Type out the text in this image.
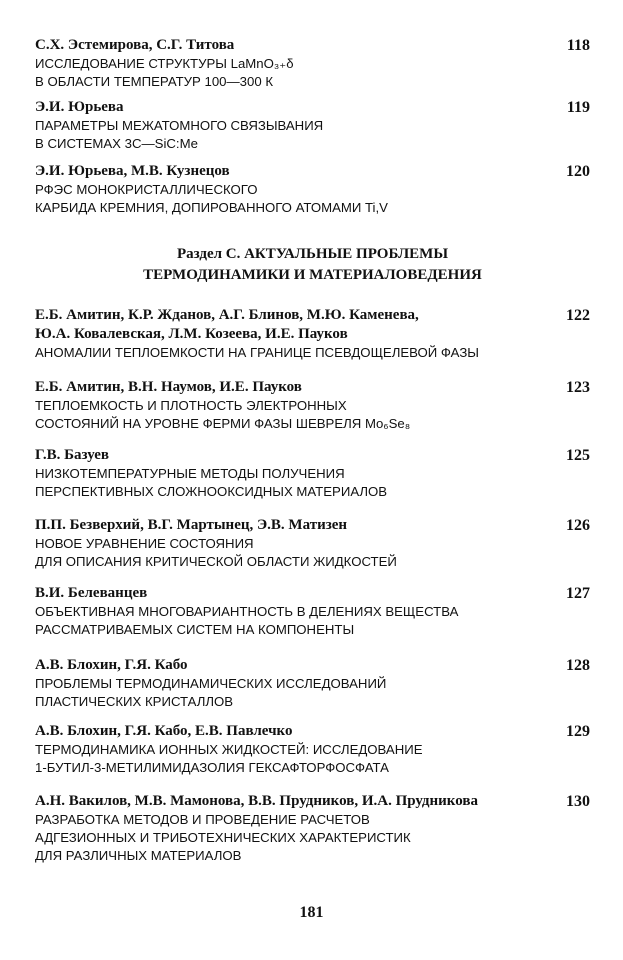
С.Х. Эстемирова, С.Г. Титова
ИССЛЕДОВАНИЕ СТРУКТУРЫ LaMnO₃₊δ
В ОБЛАСТИ ТЕМПЕРАТУР 100—300 К
118
Э.И. Юрьева
ПАРАМЕТРЫ МЕЖАТОМНОГО СВЯЗЫВАНИЯ
В СИСТЕМАХ 3C—SiC:Me
119
Э.И. Юрьева, М.В. Кузнецов
РФЭС МОНОКРИСТАЛЛИЧЕСКОГО
КАРБИДА КРЕМНИЯ, ДОПИРОВАННОГО АТОМАМИ Ti,V
120
Раздел С. АКТУАЛЬНЫЕ ПРОБЛЕМЫ
ТЕРМОДИНАМИКИ И МАТЕРИАЛОВЕДЕНИЯ
Е.Б. Амитин, К.Р. Жданов, А.Г. Блинов, М.Ю. Каменева,
Ю.А. Ковалевская, Л.М. Козеева, И.Е. Пауков
АНОМАЛИИ ТЕПЛОЕМКОСТИ НА ГРАНИЦЕ ПСЕВДОЩЕЛЕВОЙ ФАЗЫ
122
Е.Б. Амитин, В.Н. Наумов, И.Е. Пауков
ТЕПЛОЕМКОСТЬ И ПЛОТНОСТЬ ЭЛЕКТРОННЫХ
СОСТОЯНИЙ НА УРОВНЕ ФЕРМИ ФАЗЫ ШЕВРЕЛЯ Mo₆Se₈
123
Г.В. Базуев
НИЗКОТЕМПЕРАТУРНЫЕ МЕТОДЫ ПОЛУЧЕНИЯ
ПЕРСПЕКТИВНЫХ СЛОЖНООКСИДНЫХ МАТЕРИАЛОВ
125
П.П. Безверхий, В.Г. Мартынец, Э.В. Матизен
НОВОЕ УРАВНЕНИЕ СОСТОЯНИЯ
ДЛЯ ОПИСАНИЯ КРИТИЧЕСКОЙ ОБЛАСТИ ЖИДКОСТЕЙ
126
В.И. Белеванцев
ОБЪЕКТИВНАЯ МНОГОВАРИАНТНОСТЬ В ДЕЛЕНИЯХ ВЕЩЕСТВА
РАССМАТРИВАЕМЫХ СИСТЕМ НА КОМПОНЕНТЫ
127
А.В. Блохин, Г.Я. Кабо
ПРОБЛЕМЫ ТЕРМОДИНАМИЧЕСКИХ ИССЛЕДОВАНИЙ
ПЛАСТИЧЕСКИХ КРИСТАЛЛОВ
128
А.В. Блохин, Г.Я. Кабо, Е.В. Павлечко
ТЕРМОДИНАМИКА ИОННЫХ ЖИДКОСТЕЙ: ИССЛЕДОВАНИЕ
1-БУТИЛ-3-МЕТИЛИМИДАЗОЛИЯ ГЕКСАФТОРФОСФАТА
129
А.Н. Вакилов, М.В. Мамонова, В.В. Прудников, И.А. Прудникова
РАЗРАБОТКА МЕТОДОВ И ПРОВЕДЕНИЕ РАСЧЕТОВ
АДГЕЗИОННЫХ И ТРИБОТЕХНИЧЕСКИХ ХАРАКТЕРИСТИК
ДЛЯ РАЗЛИЧНЫХ МАТЕРИАЛОВ
130
181
